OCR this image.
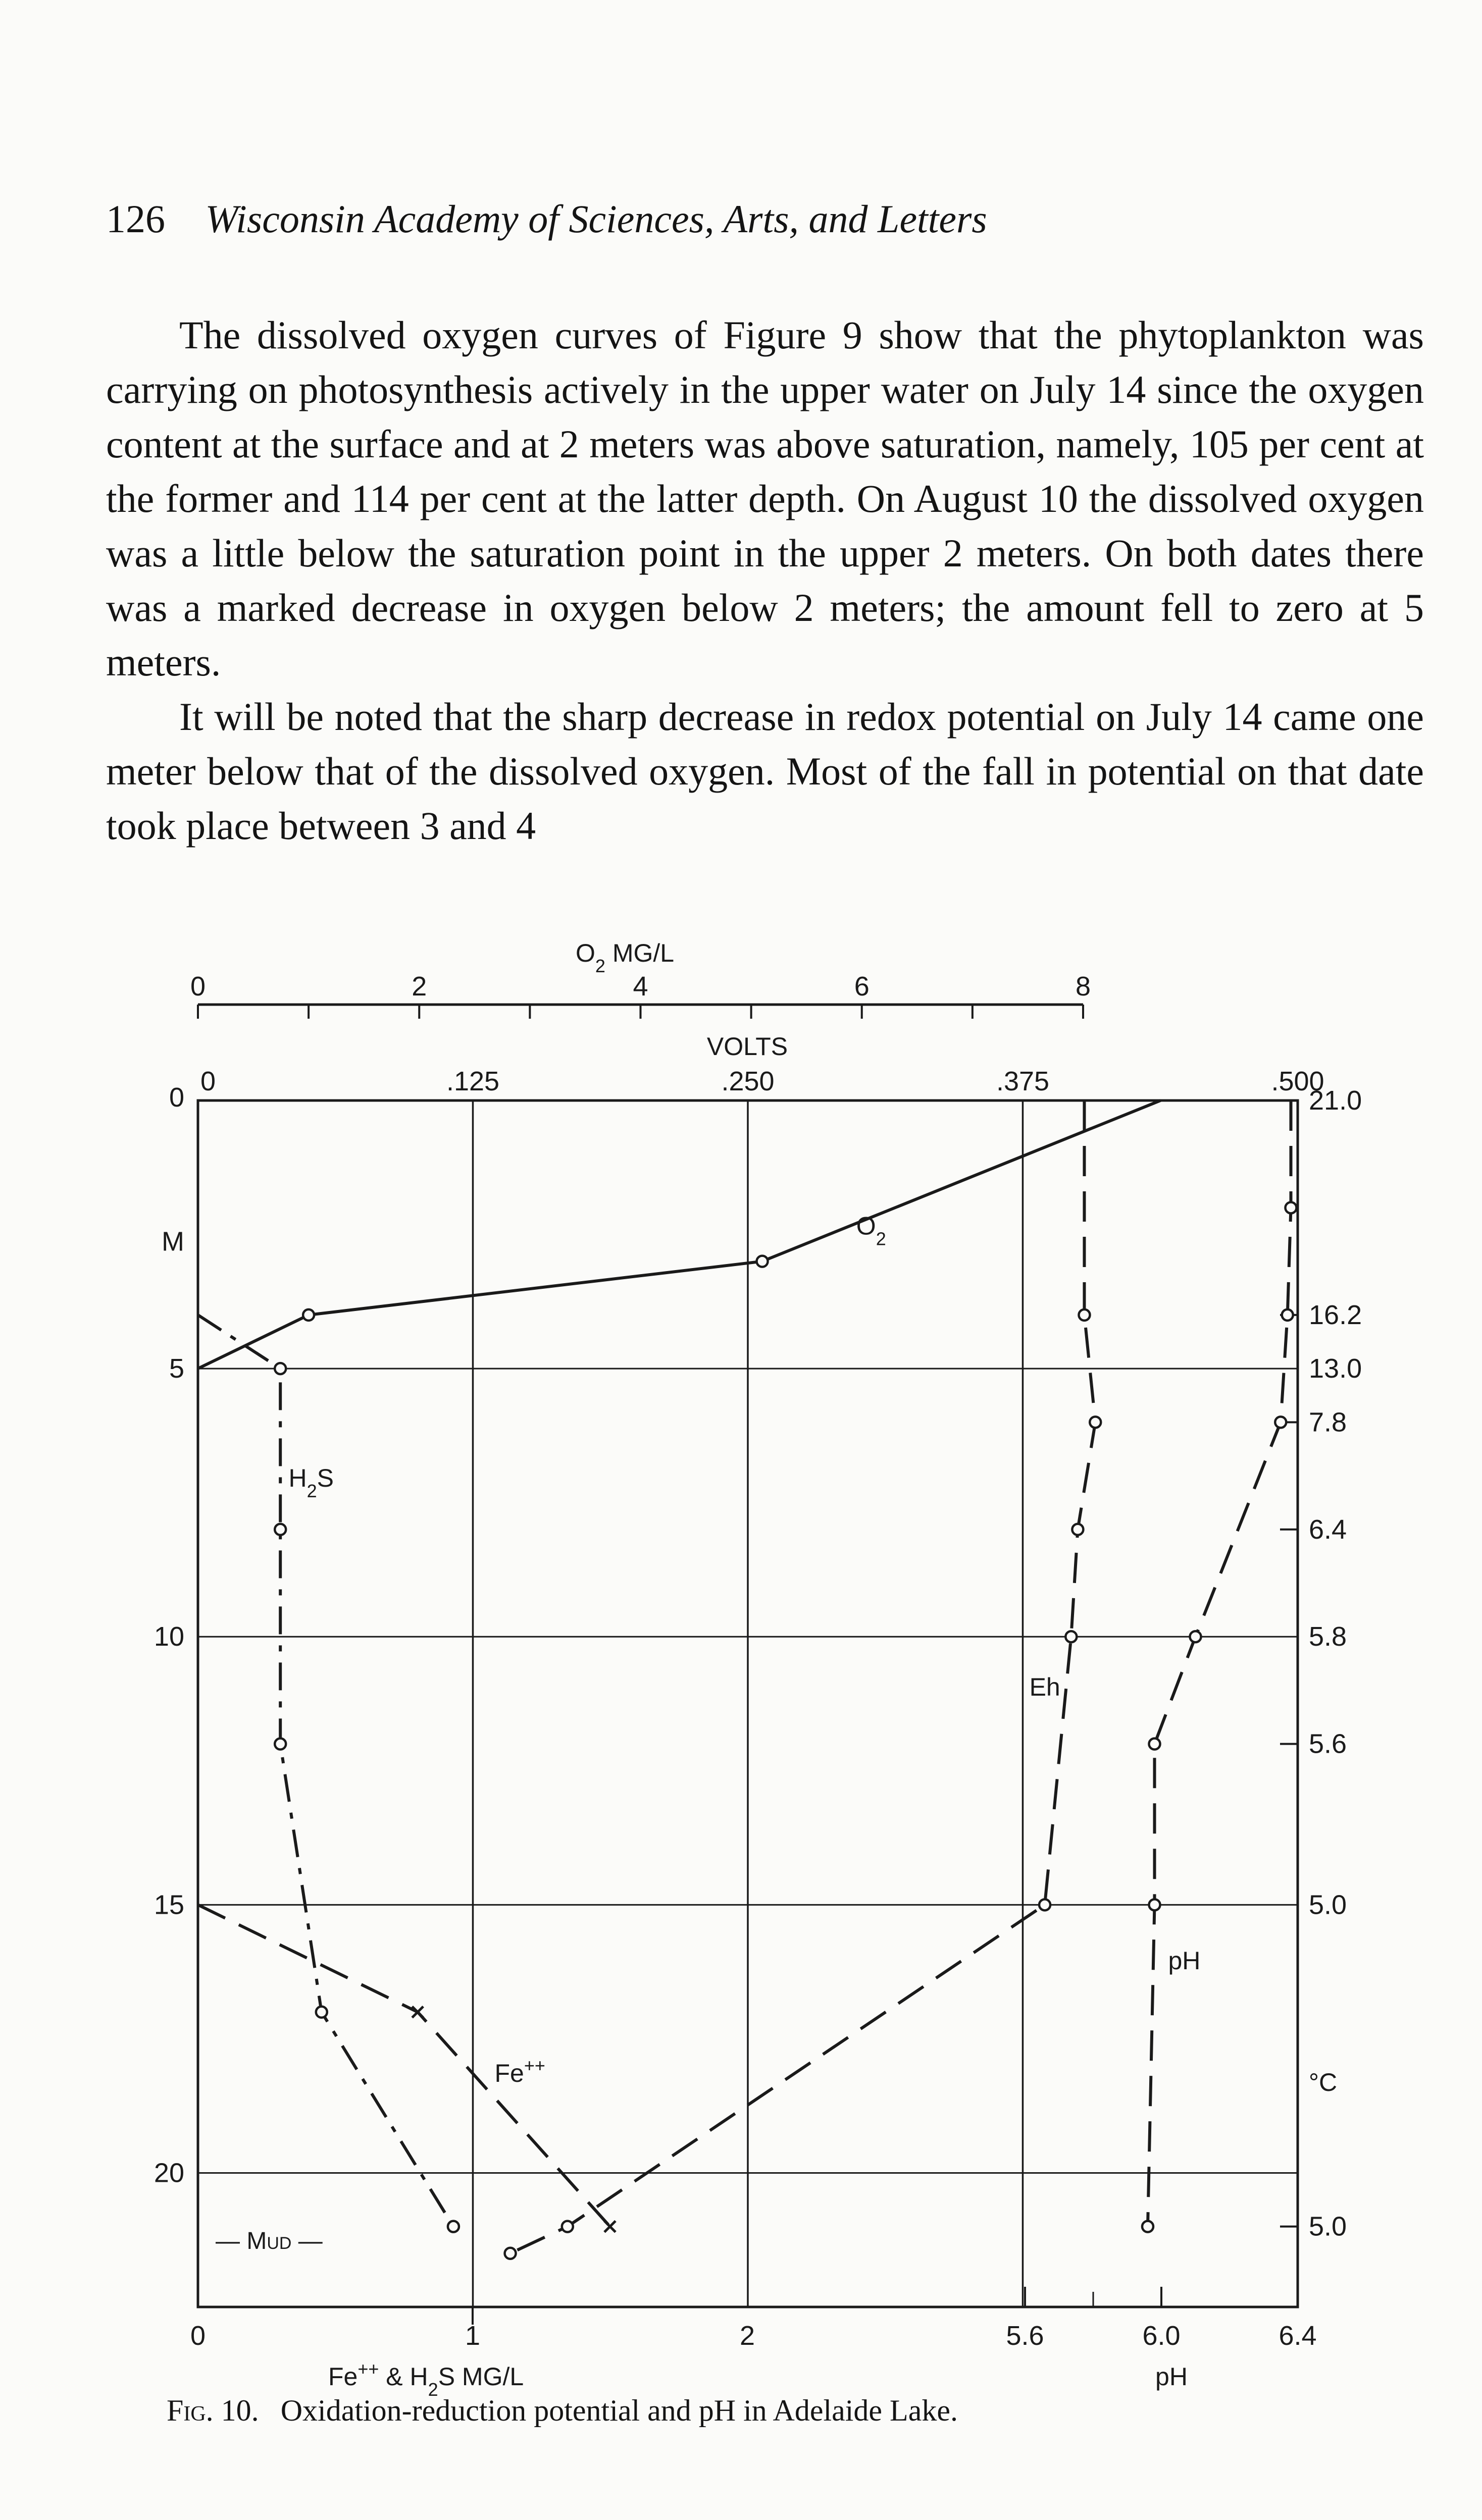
126 Wisconsin Academy of Sciences, Arts, and Letters

The dissolved oxygen curves of Figure 9 show that the phytoplankton was carrying on photosynthesis actively in the upper water on July 14 since the oxygen content at the surface and at 2 meters was above saturation, namely, 105 per cent at the former and 114 per cent at the latter depth. On August 10 the dissolved oxygen was a little below the saturation point in the upper 2 meters. On both dates there was a marked decrease in oxygen below 2 meters; the amount fell to zero at 5 meters.

It will be noted that the sharp decrease in redox potential on July 14 came one meter below that of the dissolved oxygen. Most of the fall in potential on that date took place between 3 and 4

$O_2$ MG/L
0	2	4	6	8
VOLTS
0	.125	.250	.375	.500
0
5
10
15
20
M
0	1	2
Fe++ & $H_2S$ MG/L
5.6	6.0	6.4
pH
21.0
16.2
13.0
7.8
6.4
5.8
5.6
5.0
5.0
°C
— Mud —
$O_2$
$H_2S$
Fe++
Eh
pH
Fig. 10. Oxidation-reduction potential and pH in Adelaide Lake.
